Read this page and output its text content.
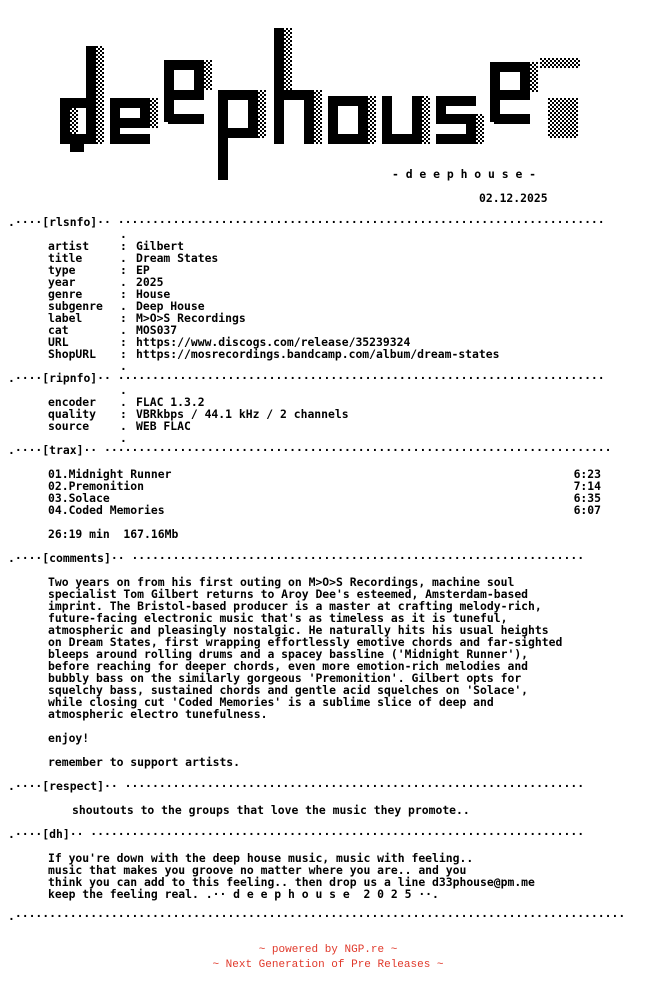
- d e e p h o u s e -
02.12.2025
.····[rlsnfo]·· ·······································································
.
artist	: Gilbert
title	. Dream States
type	: EP
year	. 2025
genre	: House
subgenre . Deep House
label	: M>O>S Recordings
cat	. MOS037
URL	: https://www.discogs.com/release/35239324
ShopURL : https://mosrecordings.bandcamp.com/album/dream-states
.
.····[ripnfo]·· ·······································································
.
encoder . FLAC 1.3.2
quality : VBRkbps / 44.1 kHz / 2 channels
source	. WEB FLAC
.
.····[trax]·· ··········································································
01.Midnight Runner	6:23
02.Premonition	7:14
03.Solace	6:35
04.Coded Memories	6:07
26:19 min  167.16Mb
.····[comments]·· ··································································
Two years on from his first outing on M>O>S Recordings, machine soul
specialist Tom Gilbert returns to Aroy Dee's esteemed, Amsterdam-based
imprint. The Bristol-based producer is a master at crafting melody-rich,
future-facing electronic music that's as timeless as it is tuneful,
atmospheric and pleasingly nostalgic. He naturally hits his usual heights
on Dream States, first wrapping effortlessly emotive chords and far-sighted
bleeps around rolling drums and a spacey bassline ('Midnight Runner'),
before reaching for deeper chords, even more emotion-rich melodies and
bubbly bass on the similarly gorgeous 'Premonition'. Gilbert opts for
squelchy bass, sustained chords and gentle acid squelches on 'Solace',
while closing cut 'Coded Memories' is a sublime slice of deep and
atmospheric electro tunefulness.
enjoy!
remember to support artists.
.····[respect]·· ···································································
shoutouts to the groups that love the music they promote..
.····[dh]·· ········································································
If you're down with the deep house music, music with feeling..
music that makes you groove no matter where you are.. and you
think you can add to this feeling.. then drop us a line d33phouse@pm.me
keep the feeling real. .·· d e e p h o u s e  2 0 2 5 ··.
.·························································································
~ powered by NGP.re ~
~ Next Generation of Pre Releases ~
